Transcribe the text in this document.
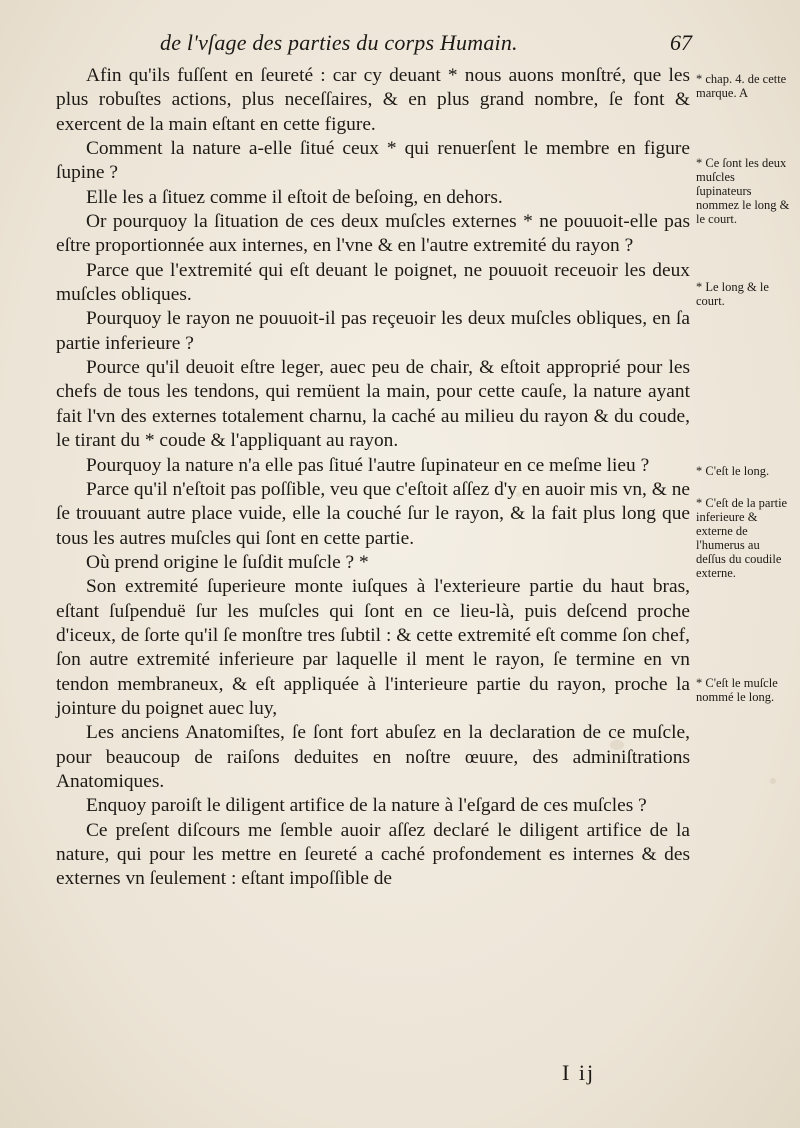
de l'vſage des parties du corps Humain.	67

Afin qu'ils fuſſent en ſeureté : car cy deuant * nous auons monſtré, que les plus robuſtes actions, plus neceſſaires, & en plus grand nombre, ſe font & exercent de la main eſtant en cette figure.

Comment la nature a-elle ſitué ceux * qui renuerſent le membre en figure ſupine ?

Elle les a ſituez comme il eſtoit de beſoing, en dehors.

Or pourquoy la ſituation de ces deux muſcles externes * ne pouuoit-elle pas eſtre proportionnée aux internes, en l'vne & en l'autre extremité du rayon ?

Parce que l'extremité qui eſt deuant le poignet, ne pouuoit receuoir les deux muſcles obliques.

Pourquoy le rayon ne pouuoit-il pas reçeuoir les deux muſcles obliques, en ſa partie inferieure ?

Pource qu'il deuoit eſtre leger, auec peu de chair, & eſtoit approprié pour les chefs de tous les tendons, qui remüent la main, pour cette cauſe, la nature ayant fait l'vn des externes totalement charnu, la caché au milieu du rayon & du coude, le tirant du * coude & l'appliquant au rayon.

Pourquoy la nature n'a elle pas ſitué l'autre ſupinateur en ce meſme lieu ?

Parce qu'il n'eſtoit pas poſſible, veu que c'eſtoit aſſez d'y en auoir mis vn, & ne ſe trouuant autre place vuide, elle la couché ſur le rayon, & la fait plus long que tous les autres muſcles qui ſont en cette partie.

Où prend origine le ſuſdit muſcle ? *

Son extremité ſuperieure monte iuſques à l'exterieure partie du haut bras, eſtant ſuſpenduë ſur les muſcles qui ſont en ce lieu-là, puis deſcend proche d'iceux, de ſorte qu'il ſe monſtre tres ſubtil : & cette extremité eſt comme ſon chef, ſon autre extremité inferieure par laquelle il ment le rayon, ſe termine en vn tendon membraneux, & eſt appliquée à l'interieure partie du rayon, proche la jointure du poignet auec luy,

Les anciens Anatomiſtes, ſe ſont fort abuſez en la declaration de ce muſcle, pour beaucoup de raiſons deduites en noſtre œuure, des adminiſtrations Anatomiques.

Enquoy paroiſt le diligent artifice de la nature à l'eſgard de ces muſcles ?

Ce preſent diſcours me ſemble auoir aſſez declaré le diligent artifice de la nature, qui pour les mettre en ſeureté a caché profondement es internes & des externes vn ſeulement : eſtant impoſſible de

* chap. 4. de cette marque. A

* Ce ſont les deux muſcles ſupinateurs nommez le long & le court.

* Le long & le court.

* C'eſt le long.

* C'eſt de la partie inferieure & externe de l'humerus au deſſus du coudile externe.

* C'eſt le muſcle nommé le long.

I ij
